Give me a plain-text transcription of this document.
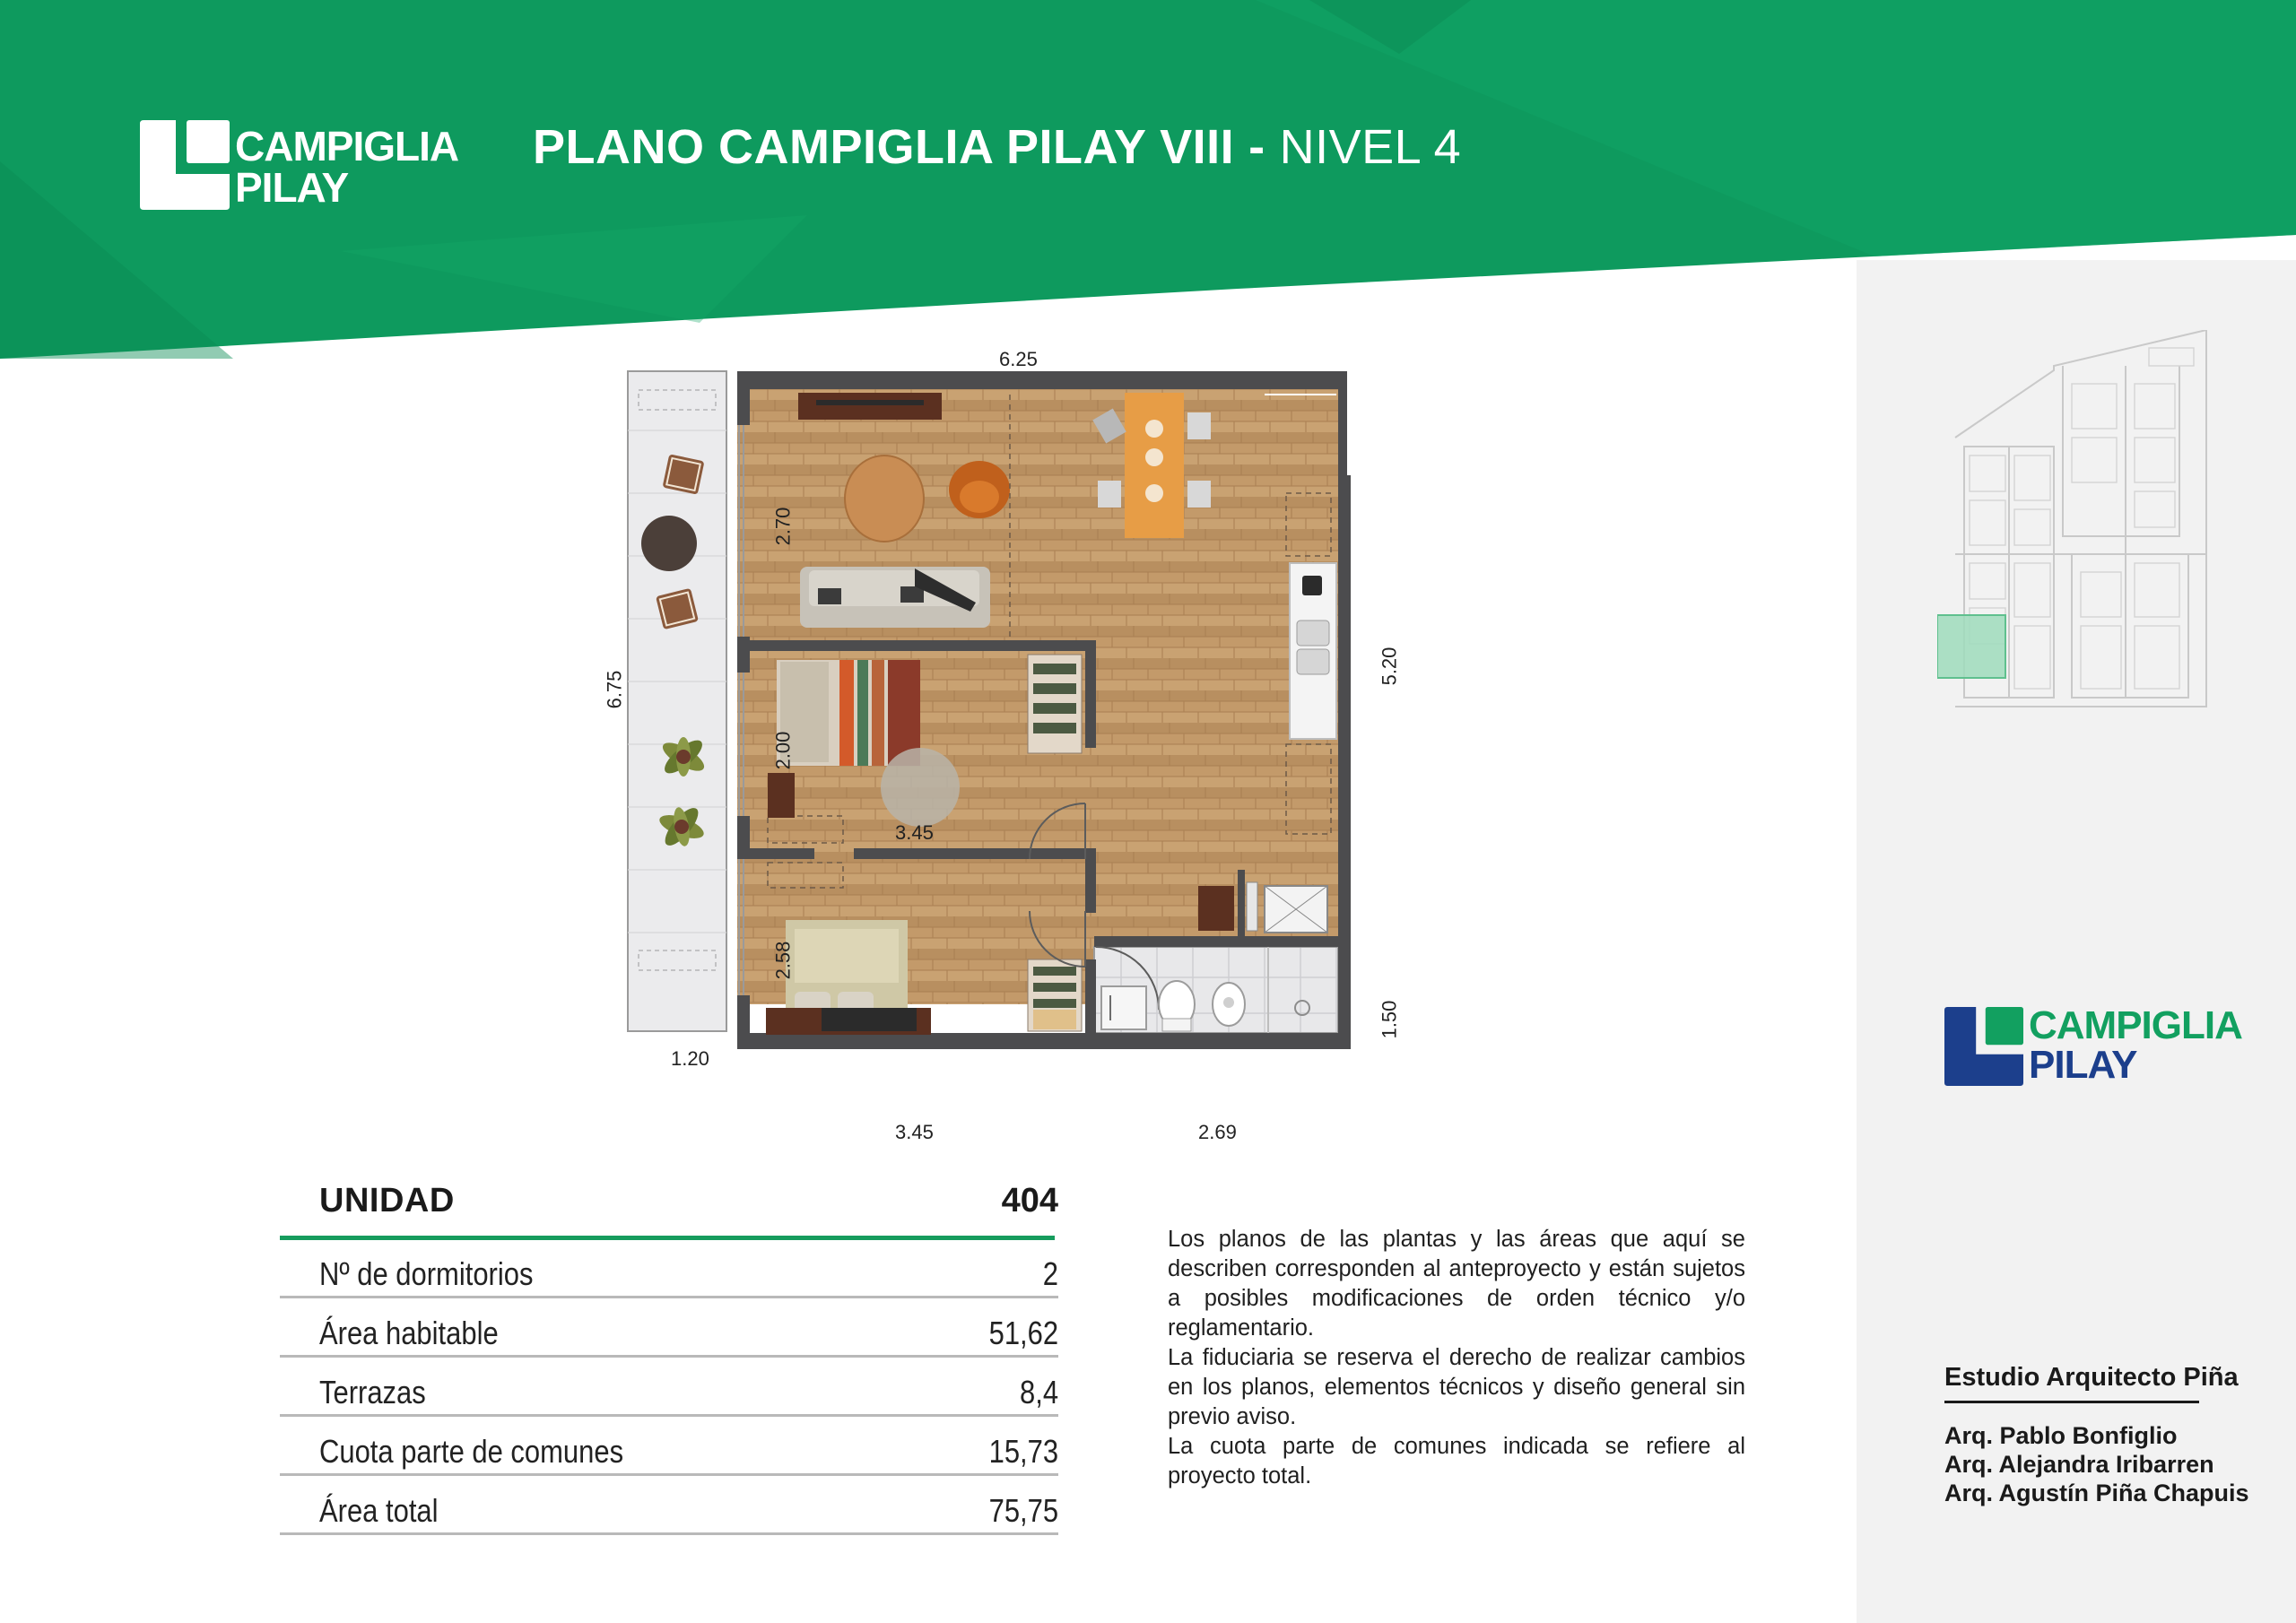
CAMPIGLIA
PILAY
PLANO CAMPIGLIA PILAY VIII - NIVEL 4
CAMPIGLIA
PILAY
Estudio Arquitecto Piña
Arq. Pablo Bonfiglio
Arq. Alejandra Iribarren
Arq. Agustín Piña Chapuis
6.25
6.75
5.20
1.50
3.45	2.69
1.20
2.70
2.00
3.45
2.58
UNIDAD	404
Nº de dormitorios	2
Área habitable	51,62
Terrazas	8,4
Cuota parte de comunes	15,73
Área total	75,75

Los planos de las plantas y las áreas que aquí se describen corresponden al anteproyecto y están sujetos a posibles modificaciones de orden técnico y/o reglamentario.

La fiduciaria se reserva el derecho de realizar cambios en los planos, elementos técnicos y diseño general sin previo aviso.

La cuota parte de comunes indicada se refiere al proyecto total.
